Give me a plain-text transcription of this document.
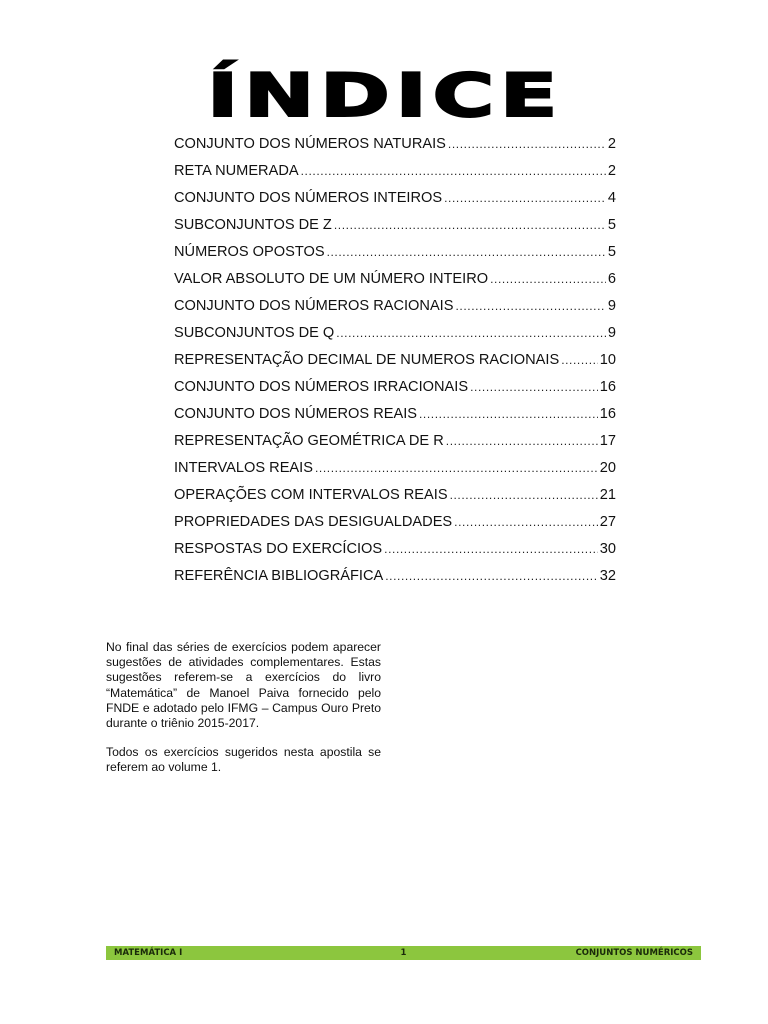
ÍNDICE
CONJUNTO DOS NÚMEROS NATURAIS .....	2
RETA NUMERADA .....	2
CONJUNTO DOS NÚMEROS INTEIROS .....	4
SUBCONJUNTOS DE Z .....	5
NÚMEROS OPOSTOS .....	5
VALOR ABSOLUTO DE UM NÚMERO INTEIRO .....	6
CONJUNTO DOS NÚMEROS RACIONAIS .....	9
SUBCONJUNTOS DE Q .....	9
REPRESENTAÇÃO DECIMAL DE NUMEROS RACIONAIS .....	10
CONJUNTO DOS NÚMEROS IRRACIONAIS .....	16
CONJUNTO DOS NÚMEROS REAIS .....	16
REPRESENTAÇÃO GEOMÉTRICA DE R .....	17
INTERVALOS REAIS .....	20
OPERAÇÕES COM INTERVALOS REAIS .....	21
PROPRIEDADES DAS DESIGUALDADES .....	27
RESPOSTAS DO EXERCÍCIOS .....	30
REFERÊNCIA BIBLIOGRÁFICA .....	32

No final das séries de exercícios podem aparecer sugestões de atividades complementares. Estas sugestões referem-se a exercícios do livro “Matemática” de Manoel Paiva fornecido pelo FNDE e adotado pelo IFMG – Campus Ouro Preto durante o triênio 2015-2017.

Todos os exercícios sugeridos nesta apostila se referem ao volume 1.

MATEMÁTICA I	1	CONJUNTOS NUMÉRICOS
